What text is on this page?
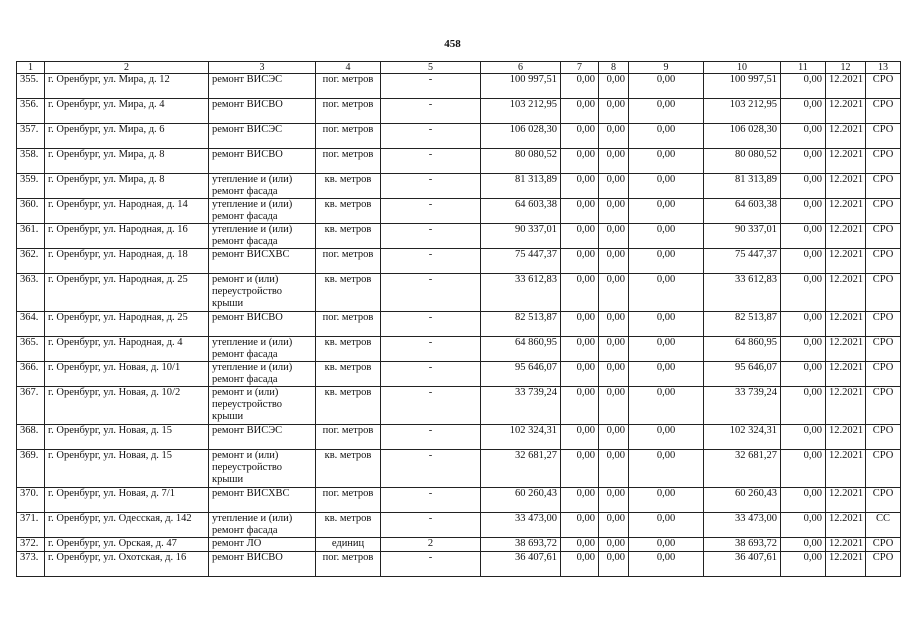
458
1	2	3	4	5	6	7	8	9	10	11	12	13
355.	г. Оренбург, ул. Мира, д. 12	ремонт ВИСЭС	пог. метров	-	100 997,51	0,00	0,00	0,00	100 997,51	0,00	12.2021	СРО
356.	г. Оренбург, ул. Мира, д. 4	ремонт ВИСВО	пог. метров	-	103 212,95	0,00	0,00	0,00	103 212,95	0,00	12.2021	СРО
357.	г. Оренбург, ул. Мира, д. 6	ремонт ВИСЭС	пог. метров	-	106 028,30	0,00	0,00	0,00	106 028,30	0,00	12.2021	СРО
358.	г. Оренбург, ул. Мира, д. 8	ремонт ВИСВО	пог. метров	-	80 080,52	0,00	0,00	0,00	80 080,52	0,00	12.2021	СРО
359.	г. Оренбург, ул. Мира, д. 8	утепление и (или) ремонт фасада	кв. метров	-	81 313,89	0,00	0,00	0,00	81 313,89	0,00	12.2021	СРО
360.	г. Оренбург, ул. Народная, д. 14	утепление и (или) ремонт фасада	кв. метров	-	64 603,38	0,00	0,00	0,00	64 603,38	0,00	12.2021	СРО
361.	г. Оренбург, ул. Народная, д. 16	утепление и (или) ремонт фасада	кв. метров	-	90 337,01	0,00	0,00	0,00	90 337,01	0,00	12.2021	СРО
362.	г. Оренбург, ул. Народная, д. 18	ремонт ВИСХВС	пог. метров	-	75 447,37	0,00	0,00	0,00	75 447,37	0,00	12.2021	СРО
363.	г. Оренбург, ул. Народная, д. 25	ремонт и (или) переустройство крыши	кв. метров	-	33 612,83	0,00	0,00	0,00	33 612,83	0,00	12.2021	СРО
364.	г. Оренбург, ул. Народная, д. 25	ремонт ВИСВО	пог. метров	-	82 513,87	0,00	0,00	0,00	82 513,87	0,00	12.2021	СРО
365.	г. Оренбург, ул. Народная, д. 4	утепление и (или) ремонт фасада	кв. метров	-	64 860,95	0,00	0,00	0,00	64 860,95	0,00	12.2021	СРО
366.	г. Оренбург, ул. Новая, д. 10/1	утепление и (или) ремонт фасада	кв. метров	-	95 646,07	0,00	0,00	0,00	95 646,07	0,00	12.2021	СРО
367.	г. Оренбург, ул. Новая, д. 10/2	ремонт и (или) переустройство крыши	кв. метров	-	33 739,24	0,00	0,00	0,00	33 739,24	0,00	12.2021	СРО
368.	г. Оренбург, ул. Новая, д. 15	ремонт ВИСЭС	пог. метров	-	102 324,31	0,00	0,00	0,00	102 324,31	0,00	12.2021	СРО
369.	г. Оренбург, ул. Новая, д. 15	ремонт и (или) переустройство крыши	кв. метров	-	32 681,27	0,00	0,00	0,00	32 681,27	0,00	12.2021	СРО
370.	г. Оренбург, ул. Новая, д. 7/1	ремонт ВИСХВС	пог. метров	-	60 260,43	0,00	0,00	0,00	60 260,43	0,00	12.2021	СРО
371.	г. Оренбург, ул. Одесская, д. 142	утепление и (или) ремонт фасада	кв. метров	-	33 473,00	0,00	0,00	0,00	33 473,00	0,00	12.2021	СС
372.	г. Оренбург, ул. Орская, д. 47	ремонт ЛО	единиц	2	38 693,72	0,00	0,00	0,00	38 693,72	0,00	12.2021	СРО
373.	г. Оренбург, ул. Охотская, д. 16	ремонт ВИСВО	пог. метров	-	36 407,61	0,00	0,00	0,00	36 407,61	0,00	12.2021	СРО
